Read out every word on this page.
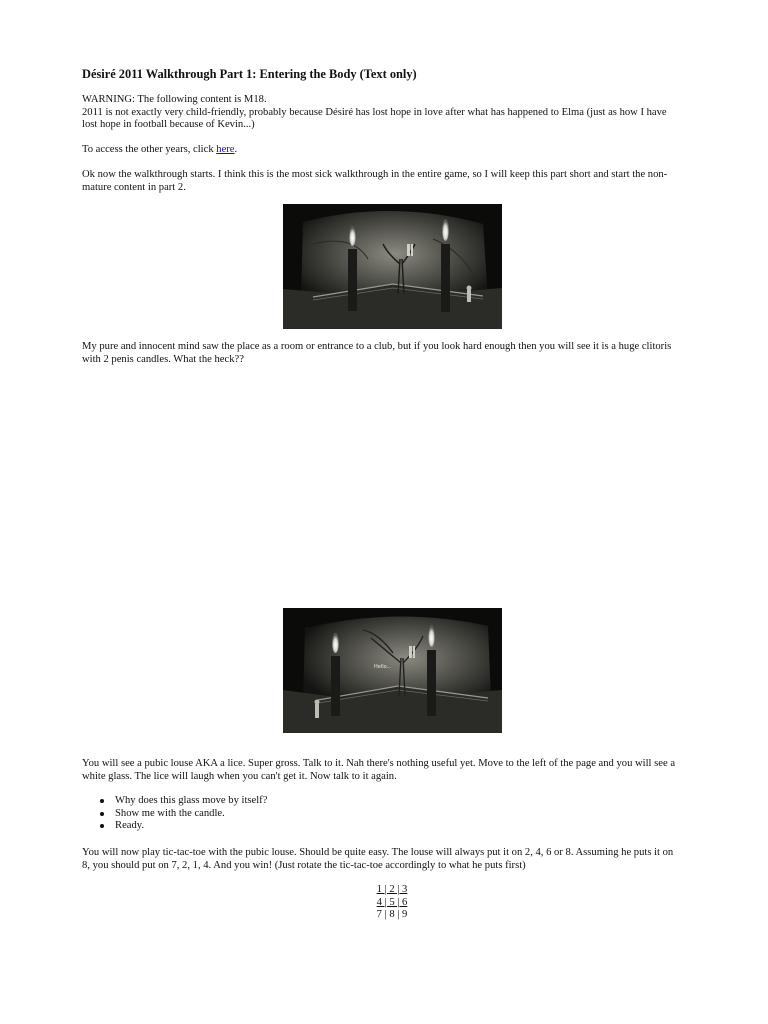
Désiré 2011 Walkthrough Part 1: Entering the Body (Text only)

WARNING: The following content is M18.
2011 is not exactly very child-friendly, probably because Désiré has lost hope in love after what has happened to Elma (just as how I have
lost hope in football because of Kevin...)

To access the other years, click here.

Ok now the walkthrough starts. I think this is the most sick walkthrough in the entire game, so I will keep this part short and start the non-
mature content in part 2.

My pure and innocent mind saw the place as a room or entrance to a club, but if you look hard enough then you will see it is a huge clitoris
with 2 penis candles. What the heck??

You will see a pubic louse AKA a lice. Super gross. Talk to it. Nah there's nothing useful yet. Move to the left of the page and you will see a
white glass. The lice will laugh when you can't get it. Now talk to it again.

Why does this glass move by itself?
Show me with the candle.
Ready.

You will now play tic-tac-toe with the pubic louse. Should be quite easy. The louse will always put it on 2, 4, 6 or 8. Assuming he puts it on
8, you should put on 7, 2, 1, 4. And you win! (Just rotate the tic-tac-toe accordingly to what he puts first)

1 | 2 | 3
4 | 5 | 6
7 | 8 | 9
Hello...
